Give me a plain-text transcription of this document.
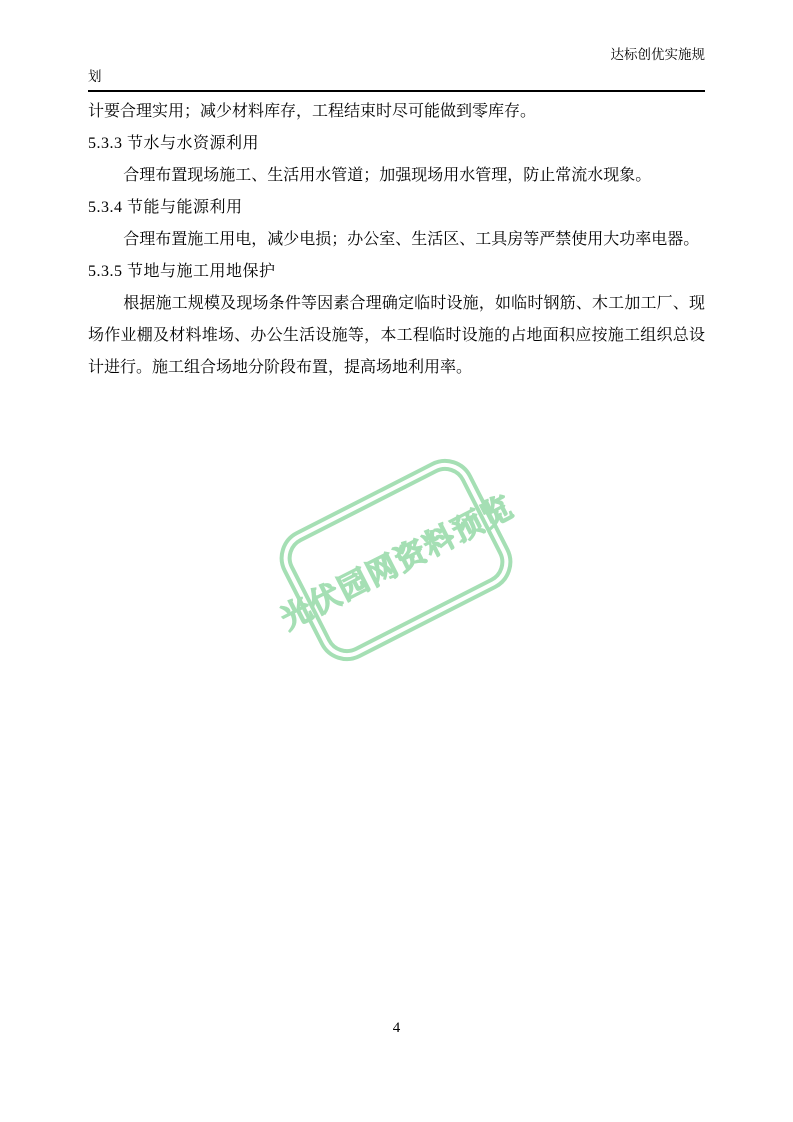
达标创优实施规
划

计要合理实用；减少材料库存，工程结束时尽可能做到零库存。

5.3.3 节水与水资源利用

合理布置现场施工、生活用水管道；加强现场用水管理，防止常流水现象。

5.3.4 节能与能源利用

合理布置施工用电，减少电损；办公室、生活区、工具房等严禁使用大功率电器。

5.3.5 节地与施工用地保护

根据施工规模及现场条件等因素合理确定临时设施，如临时钢筋、木工加工厂、现场作业棚及材料堆场、办公生活设施等，本工程临时设施的占地面积应按施工组织总设计进行。施工组合场地分阶段布置，提高场地利用率。

光伏园网资料预览
4
